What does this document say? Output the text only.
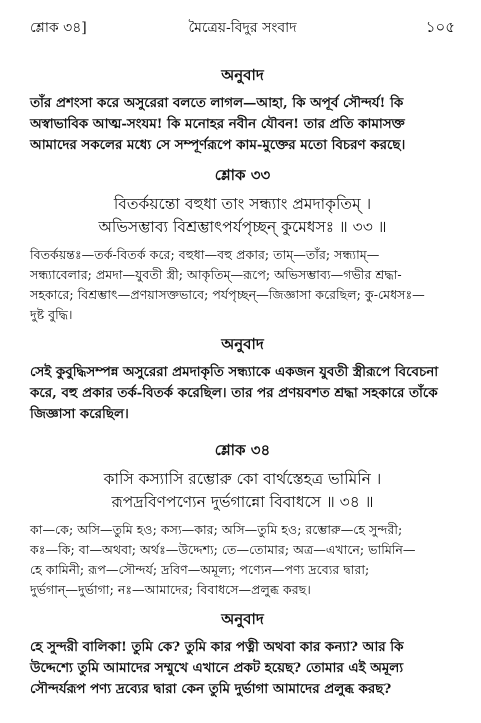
শ্লোক ৩৪]	মৈত্রেয়-বিদুর সংবাদ	১০৫
অনুবাদ
তাঁর প্রশংসা করে অসুরেরা বলতে লাগল—আহা, কি অপূর্ব সৌন্দর্য! কি
অস্বাভাবিক আত্ম-সংযম! কি মনোহর নবীন যৌবন! তার প্রতি কামাসক্ত
আমাদের সকলের মধ্যে সে সম্পূর্ণরূপে কাম-মুক্তের মতো বিচরণ করছে।
শ্লোক ৩৩
বিতর্কয়ন্তো বহুধা তাং সন্ধ্যাং প্রমদাকৃতিম্ ।
অভিসম্ভাব্য বিশ্রম্ভাৎপর্যপৃচ্ছন্ কুমেধসঃ ॥ ৩৩ ॥
বিতর্কয়ন্তঃ—তর্ক-বিতর্ক করে; বহুধা—বহু প্রকার; তাম্—তাঁর; সন্ধ্যাম্—
সন্ধ্যাবেলার; প্রমদা—যুবতী স্ত্রী; আকৃতিম্—রূপে; অভিসম্ভাব্য—গভীর শ্রদ্ধা-
সহকারে; বিশ্রম্ভাৎ—প্রণয়াসক্তভাবে; পর্যপৃচ্ছন্—জিজ্ঞাসা করেছিল; কু-মেধসঃ—
দুষ্ট বুদ্ধি।
অনুবাদ
সেই কুবুদ্ধিসম্পন্ন অসুরেরা প্রমদাকৃতি সন্ধ্যাকে একজন যুবতী স্ত্রীরূপে বিবেচনা
করে, বহু প্রকার তর্ক-বিতর্ক করেছিল। তার পর প্রণয়বশত শ্রদ্ধা সহকারে তাঁকে
জিজ্ঞাসা করেছিল।
শ্লোক ৩৪
কাসি কস্যাসি রম্ভোরু কো বার্থস্তেহত্র ভামিনি ।
রূপদ্রবিণপণ্যেন দুর্ভগান্নো বিবাধসে ॥ ৩৪ ॥
কা—কে; অসি—তুমি হও; কস্য—কার; অসি—তুমি হও; রম্ভোরু—হে সুন্দরী;
কঃ—কি; বা—অথবা; অর্থঃ—উদ্দেশ্য; তে—তোমার; অত্র—এখানে; ভামিনি—
হে কামিনী; রূপ—সৌন্দর্য; দ্রবিণ—অমূল্য; পণ্যেন—পণ্য দ্রব্যের দ্বারা;
দুর্ভগান্—দুর্ভাগা; নঃ—আমাদের; বিবাধসে—প্রলুব্ধ করছ।
অনুবাদ
হে সুন্দরী বালিকা! তুমি কে? তুমি কার পত্নী অথবা কার কন্যা? আর কি
উদ্দেশ্যে তুমি আমাদের সম্মুখে এখানে প্রকট হয়েছ? তোমার এই অমূল্য
সৌন্দর্যরূপ পণ্য দ্রব্যের দ্বারা কেন তুমি দুর্ভাগা আমাদের প্রলুব্ধ করছ?
